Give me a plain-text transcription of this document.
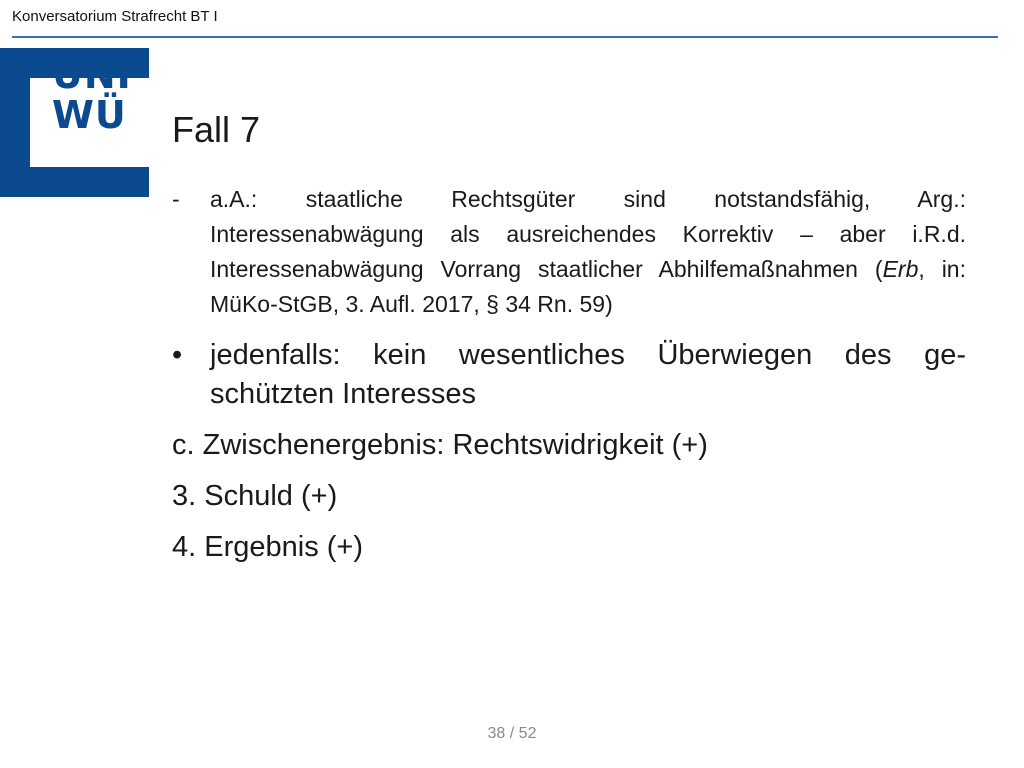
Konversatorium Strafrecht BT I
UNI
WÜ Fall 7
- a.A.: staatliche Rechtsgüter sind notstandsfähig, Arg.: Interessenabwägung als ausreichendes Korrektiv – aber i.R.d. Interessenabwägung Vorrang staatlicher Abhilfemaßnahmen (Erb, in: MüKo-StGB, 3. Aufl. 2017, § 34 Rn. 59)
• jedenfalls: kein wesentliches Überwiegen des ge-schützten Interesses
c. Zwischenergebnis: Rechtswidrigkeit (+)
3. Schuld (+)
4. Ergebnis (+)
38 / 52
